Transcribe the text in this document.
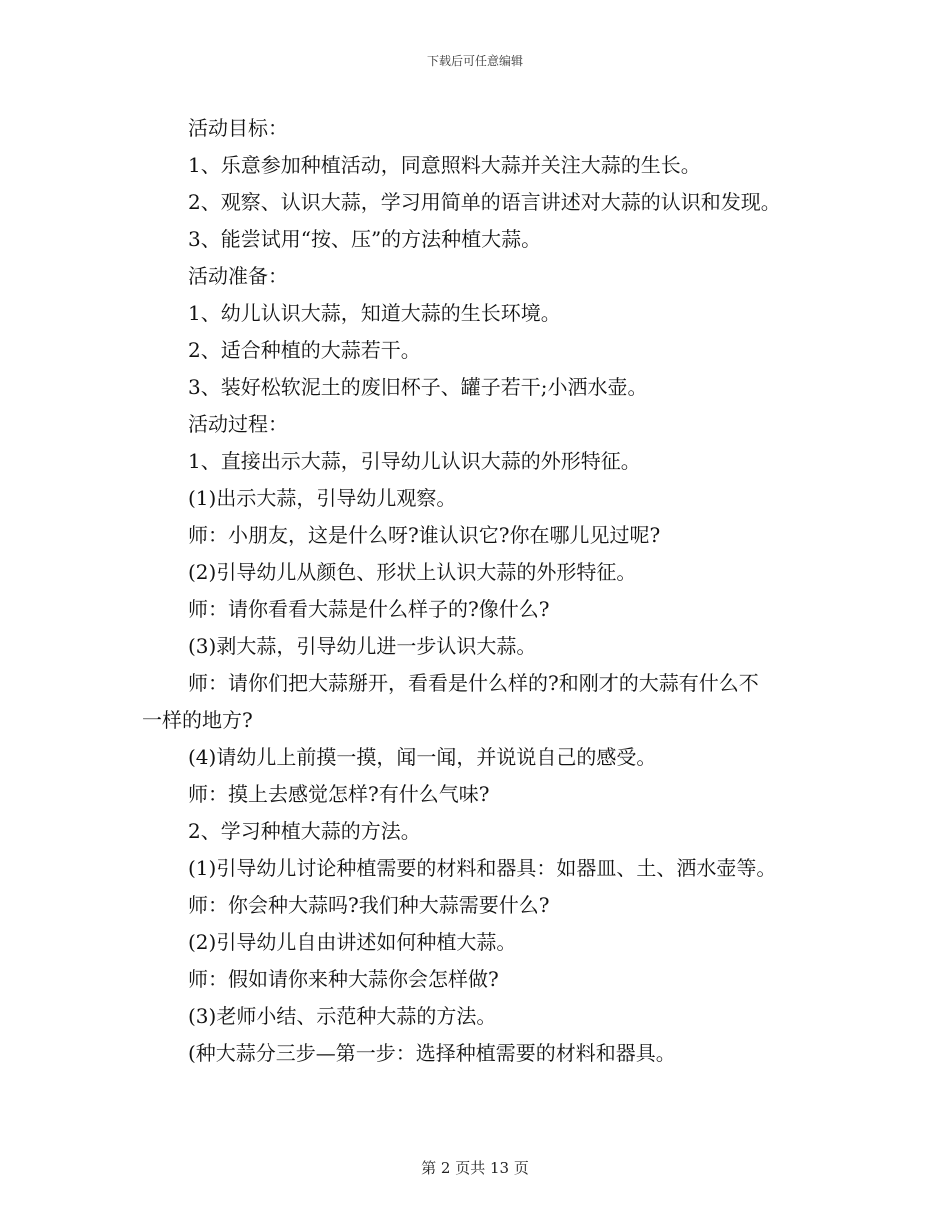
下载后可任意编辑
活动目标：
1、乐意参加种植活动，同意照料大蒜并关注大蒜的生长。
2、观察、认识大蒜，学习用简单的语言讲述对大蒜的认识和发现。
3、能尝试用“按、压”的方法种植大蒜。
活动准备：
1、幼儿认识大蒜，知道大蒜的生长环境。
2、适合种植的大蒜若干。
3、装好松软泥土的废旧杯子、罐子若干;小洒水壶。
活动过程：
1、直接出示大蒜，引导幼儿认识大蒜的外形特征。
(1)出示大蒜，引导幼儿观察。
师：小朋友，这是什么呀?谁认识它?你在哪儿见过呢?
(2)引导幼儿从颜色、形状上认识大蒜的外形特征。
师：请你看看大蒜是什么样子的?像什么?
(3)剥大蒜，引导幼儿进一步认识大蒜。
师：请你们把大蒜掰开，看看是什么样的?和刚才的大蒜有什么不
一样的地方?
(4)请幼儿上前摸一摸，闻一闻，并说说自己的感受。
师：摸上去感觉怎样?有什么气味?
2、学习种植大蒜的方法。
(1)引导幼儿讨论种植需要的材料和器具：如器皿、土、洒水壶等。
师：你会种大蒜吗?我们种大蒜需要什么?
(2)引导幼儿自由讲述如何种植大蒜。
师：假如请你来种大蒜你会怎样做?
(3)老师小结、示范种大蒜的方法。
(种大蒜分三步—第一步：选择种植需要的材料和器具。
第 2 页共 13 页
